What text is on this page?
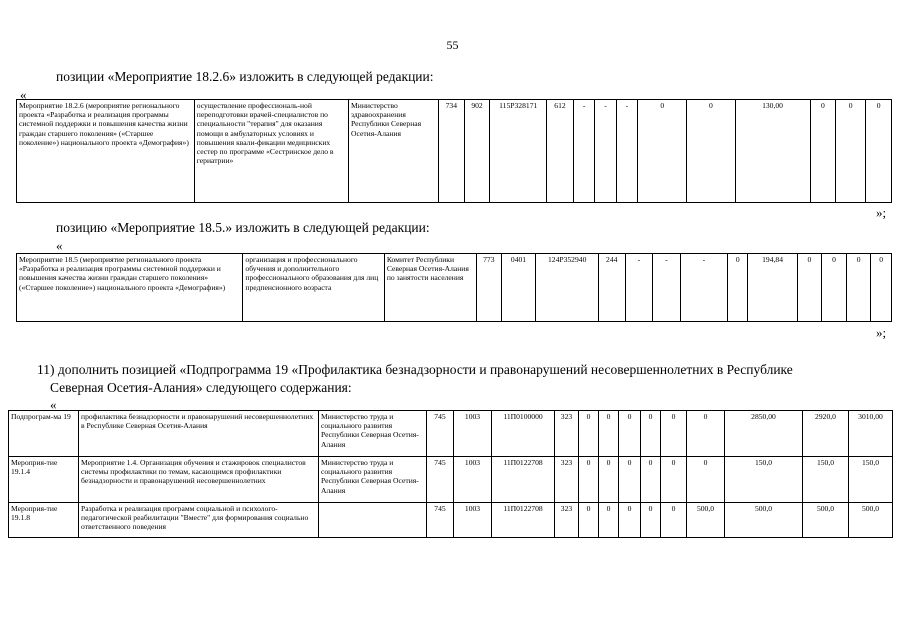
55
позиции «Мероприятие 18.2.6» изложить в следующей редакции:
«
Мероприятие 18.2.6 (мероприятие регионального проекта «Разработка и реализация программы системной поддержки и повышения качества жизни граждан старшего поколения» («Старшее поколение») национального проекта «Демография»)	осуществление профессиональ-ной переподготовки врачей-специалистов по специальности "терапия" для оказания помощи в амбулаторных условиях и повышения квали-фикации медицинских сестер по программе «Сестринское дело в гериатрии»	Министерство здравоохранения Республики Северная Осетия-Алания	734	902	115P328171	612	-	-	-	0	0	130,00	0	0	0
»;
позицию «Мероприятие 18.5.» изложить в следующей редакции:
«
Мероприятие 18.5 (мероприятие регионального проекта «Разработка и реализация программы системной поддержки и повышения качества жизни граждан старшего поколения» («Старшее поколение») национального проекта «Демография»)	организация и профессионального обучения и дополнительного профессионального образования для лиц предпенсионного возраста	Комитет Республики Северная Осетия-Алания по занятости населения	773	0401	124P352940	244	-	-	-	0	194,84	0	0	0	0
»;
11) дополнить позицией «Подпрограмма 19 «Профилактика безнадзорности и правонарушений несовершеннолетних в Республике
Северная Осетия-Алания» следующего содержания:
«
Подпрограм-ма 19	профилактика безнадзорности и правонарушений несовершеннолетних в Республике Северная Осетия-Алания	Министерство труда и социального развития Республики Северная Осетия-Алания	745	1003	11П0100000	323	0	0	0	0	0	0	2850,00	2920,0	3010,00
Мероприя-тие 19.1.4	Мероприятие 1.4. Организация обучения и стажировок специалистов системы профилактики по темам, касающимся профилактики безнадзорности и правонарушений несовершеннолетних	Министерство труда и социального развития Республики Северная Осетия-Алания	745	1003	11П0122708	323	0	0	0	0	0	0	150,0	150,0	150,0
Мероприя-тие 19.1.8	Разработка и реализация программ социальной и психолого-педагогической реабилитации "Вместе" для формирования социально ответственного поведения		745	1003	11П0122708	323	0	0	0	0	0	500,0	500,0	500,0	500,0
